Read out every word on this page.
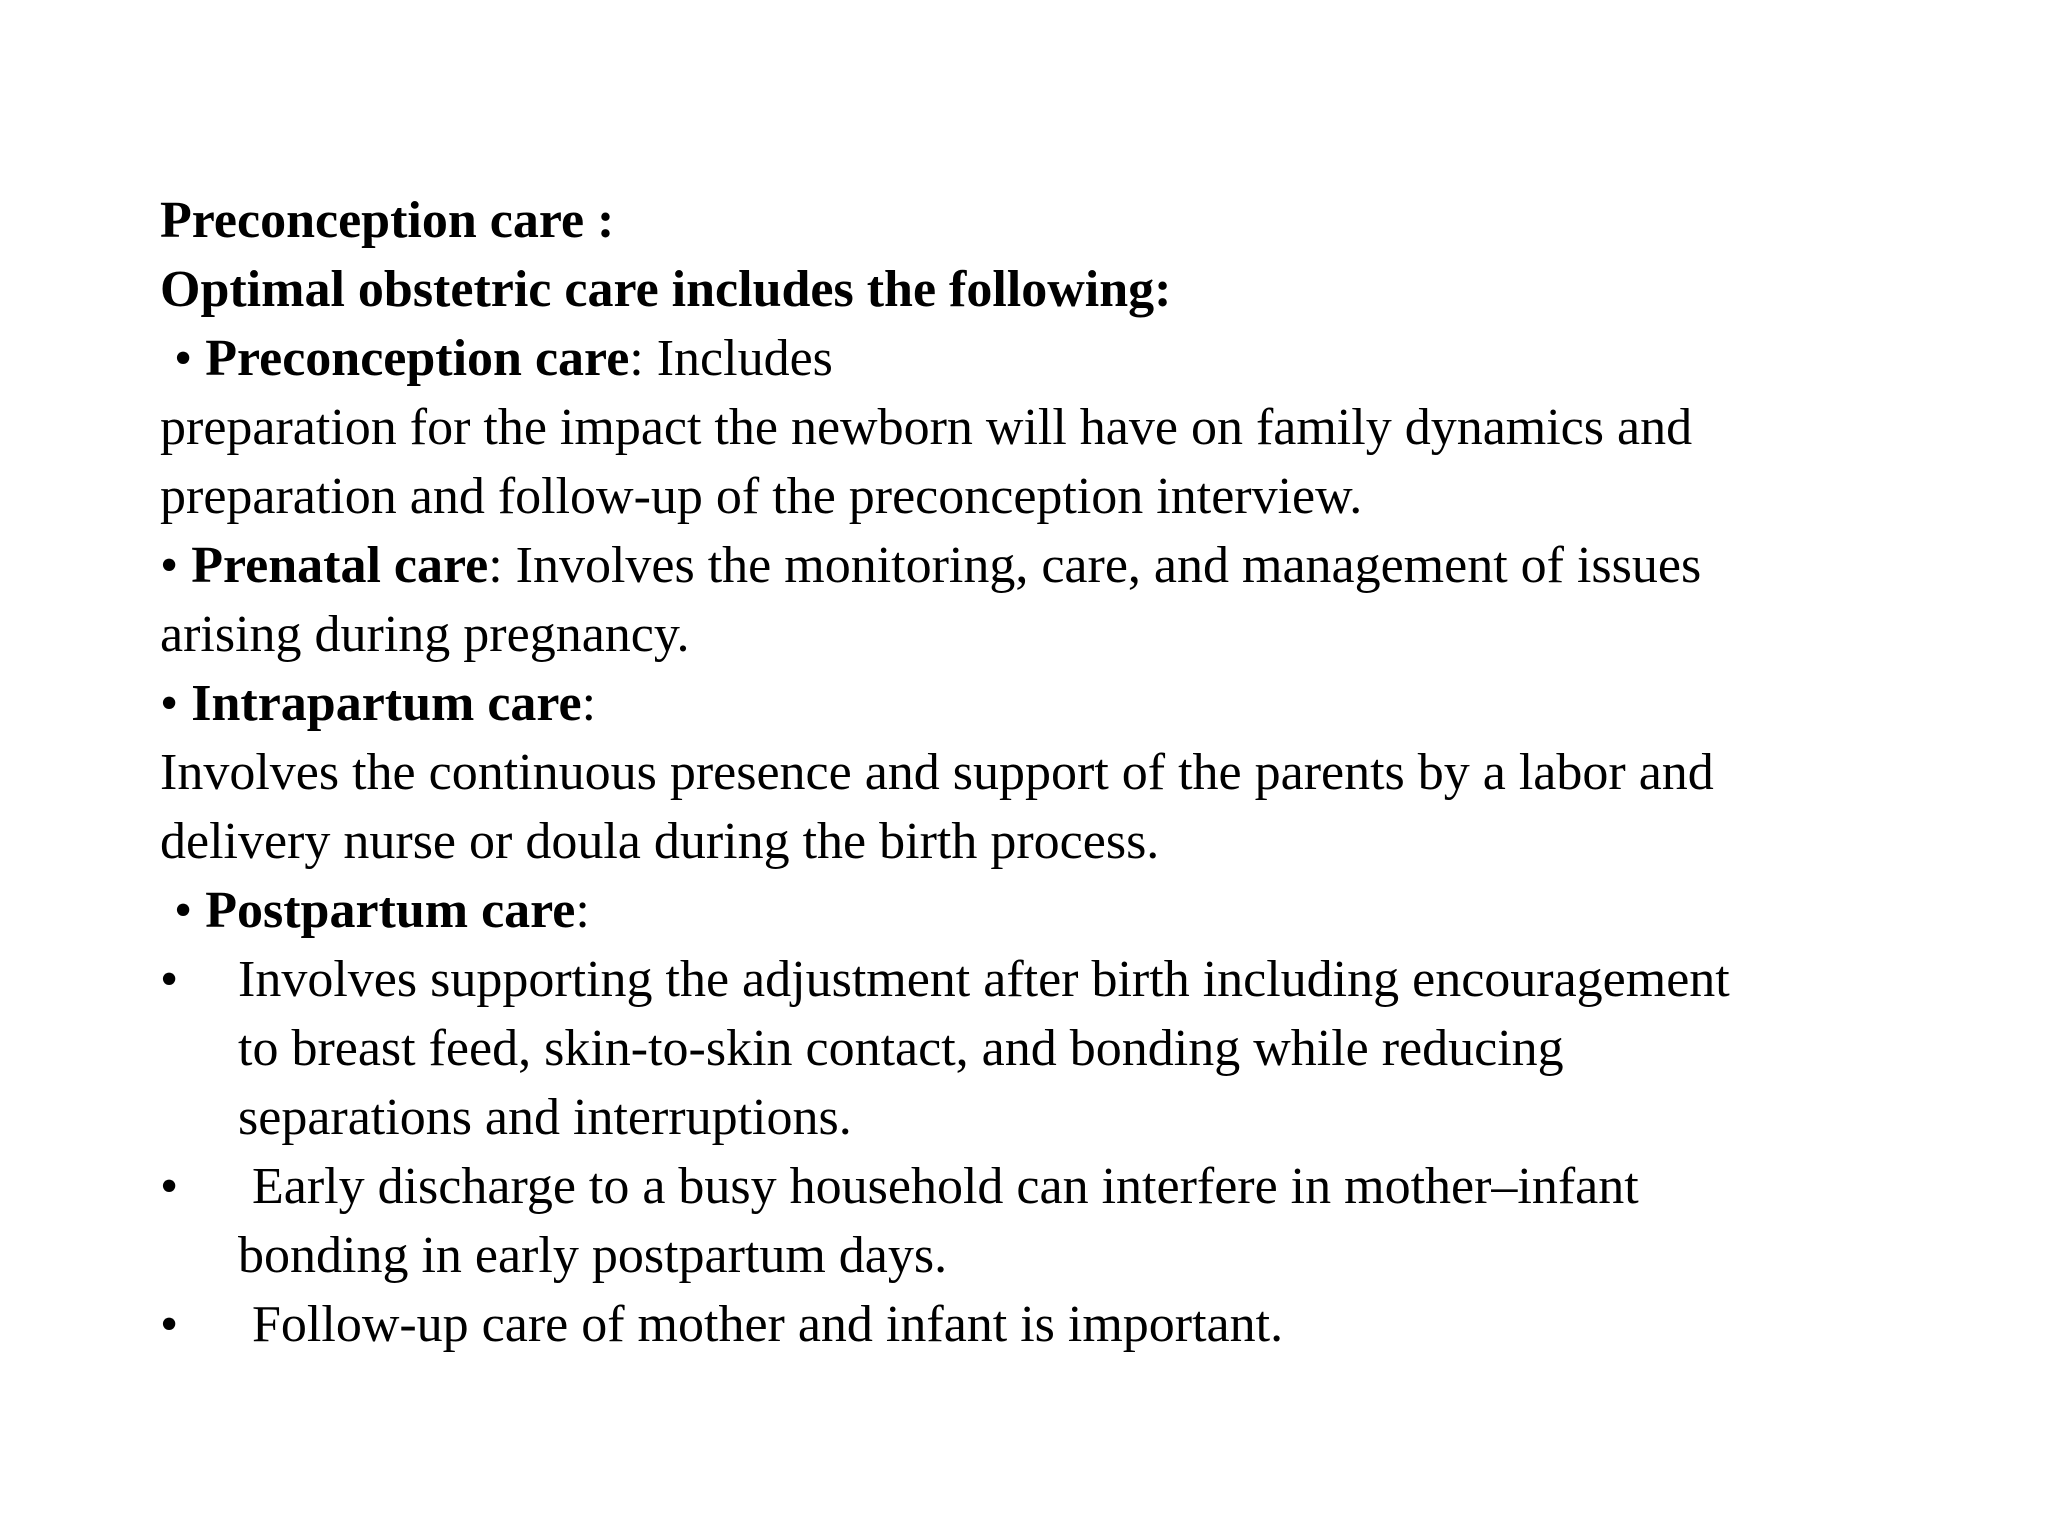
Preconception care :
Optimal obstetric care includes the following:
• Preconception care: Includes
preparation for the impact the newborn will have on family dynamics and
preparation and follow-up of the preconception interview.
• Prenatal care: Involves the monitoring, care, and management of issues
arising during pregnancy.
• Intrapartum care:
Involves the continuous presence and support of the parents by a labor and
delivery nurse or doula during the birth process.
• Postpartum care:
• Involves supporting the adjustment after birth including encouragement
to breast feed, skin-to-skin contact, and bonding while reducing
separations and interruptions.
• Early discharge to a busy household can interfere in mother–infant
bonding in early postpartum days.
• Follow-up care of mother and infant is important.
